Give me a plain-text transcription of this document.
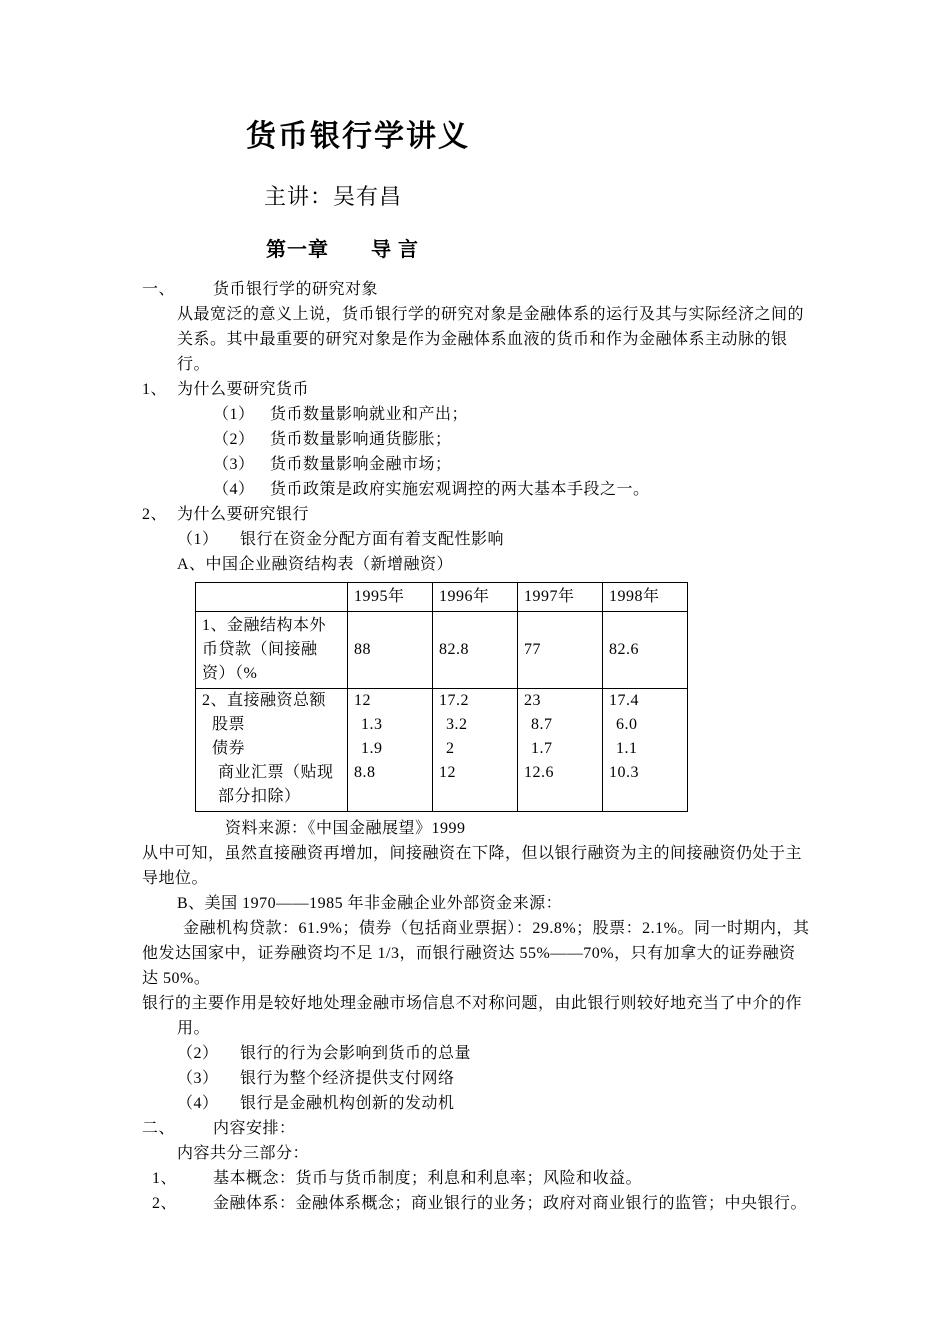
货币银行学讲义
主讲：吴有昌
第一章　　导 言
一、	货币银行学的研究对象

从最宽泛的意义上说，货币银行学的研究对象是金融体系的运行及其与实际经济之间的关系。其中最重要的研究对象是作为金融体系血液的货币和作为金融体系主动脉的银行。

1、 为什么要研究货币
（1） 货币数量影响就业和产出；
（2） 货币数量影响通货膨胀；
（3） 货币数量影响金融市场；
（4） 货币政策是政府实施宏观调控的两大基本手段之一。
2、 为什么要研究银行
（1）	银行在资金分配方面有着支配性影响
A、中国企业融资结构表（新增融资）
	1995年	1996年	1997年	1998年
1、金融结构本外币贷款（间接融资）（%	88	82.8	77	82.6
2、直接融资总额	12	17.2	23	17.4
股票	1.3	3.2	8.7	6.0
债券	1.9	2	1.7	1.1
商业汇票（贴现部分扣除）	8.8	12	12.6	10.3
资料来源：《中国金融展望》1999

从中可知，虽然直接融资再增加，间接融资在下降，但以银行融资为主的间接融资仍处于主导地位。

B、美国 1970——1985 年非金融企业外部资金来源：

金融机构贷款：61.9%；债券（包括商业票据）：29.8%；股票：2.1%。同一时期内，其他发达国家中，证券融资均不足 1/3，而银行融资达 55%——70%，只有加拿大的证券融资达 50%。

银行的主要作用是较好地处理金融市场信息不对称问题，由此银行则较好地充当了中介的作用。

（2）	银行的行为会影响到货币的总量
（3）	银行为整个经济提供支付网络
（4）	银行是金融机构创新的发动机
二、	内容安排：
内容共分三部分：
1、	基本概念：货币与货币制度；利息和利息率；风险和收益。
2、	金融体系：金融体系概念；商业银行的业务；政府对商业银行的监管；中央银行。
